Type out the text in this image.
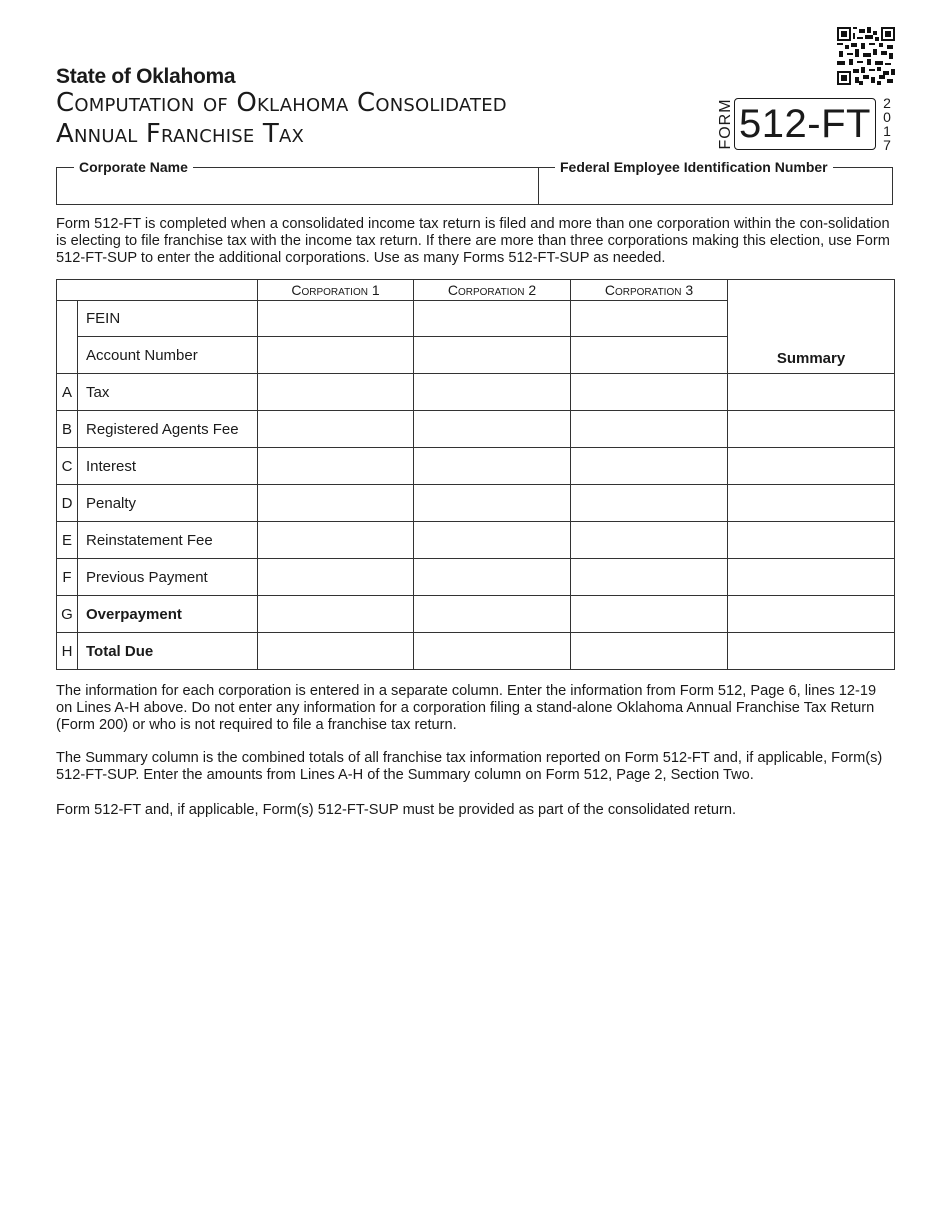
State of Oklahoma
Computation of Oklahoma Consolidated
Annual Franchise Tax	FORM 512-FT 2
0
1
7
Corporate Name	Federal Employee Identification Number
Form 512-FT is completed when a consolidated income tax return is filed and more than one corporation within the con-solidation is electing to file franchise tax with the income tax return. If there are more than three corporations making this election, use Form 512-FT-SUP to enter the additional corporations. Use as many Forms 512-FT-SUP as needed.
		Corporation 1	Corporation 2	Corporation 3	Summary

	FEIN				
	Account Number				
A	Tax				
B	Registered Agents Fee				
C	Interest				
D	Penalty				
E	Reinstatement Fee				
F	Previous Payment				
G	Overpayment				
H	Total Due				
The information for each corporation is entered in a separate column. Enter the information from Form 512, Page 6, lines 12-19 on Lines A-H above. Do not enter any information for a corporation filing a stand-alone Oklahoma Annual Franchise Tax Return (Form 200) or who is not required to file a franchise tax return.
The Summary column is the combined totals of all franchise tax information reported on Form 512-FT and, if applicable, Form(s) 512-FT-SUP. Enter the amounts from Lines A-H of the Summary column on Form 512, Page 2, Section Two.
Form 512-FT and, if applicable, Form(s) 512-FT-SUP must be provided as part of the consolidated return.
